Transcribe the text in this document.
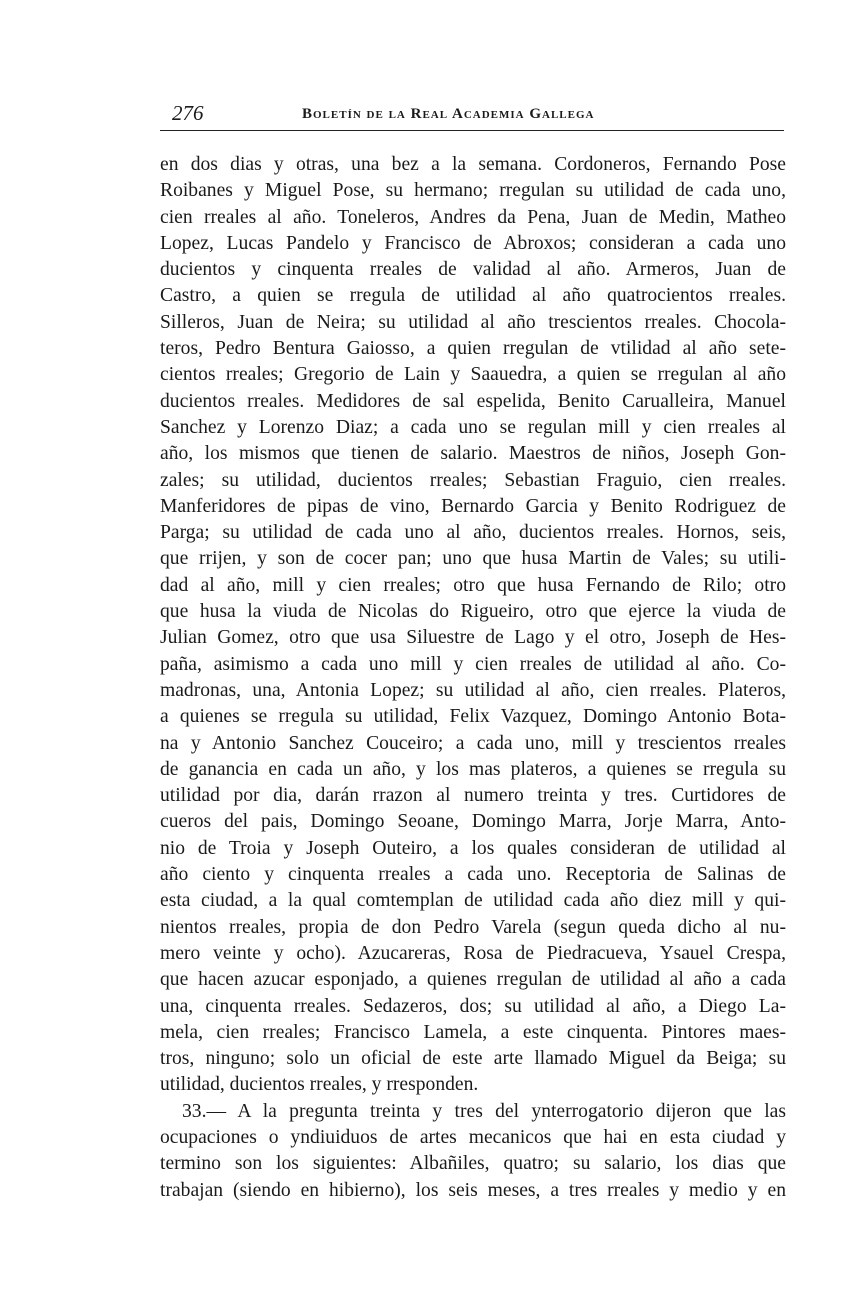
276	Boletín de la Real Academia Gallega
en dos dias y otras, una bez a la semana. Cordoneros, Fernando Pose
Roibanes y Miguel Pose, su hermano; rregulan su utilidad de cada uno,
cien rreales al año. Toneleros, Andres da Pena, Juan de Medin, Matheo
Lopez, Lucas Pandelo y Francisco de Abroxos; consideran a cada uno
ducientos y cinquenta rreales de validad al año. Armeros, Juan de
Castro, a quien se rregula de utilidad al año quatrocientos rreales.
Silleros, Juan de Neira; su utilidad al año trescientos rreales. Chocola-
teros, Pedro Bentura Gaiosso, a quien rregulan de vtilidad al año sete-
cientos rreales; Gregorio de Lain y Saauedra, a quien se rregulan al año
ducientos rreales. Medidores de sal espelida, Benito Carualleira, Manuel
Sanchez y Lorenzo Diaz; a cada uno se regulan mill y cien rreales al
año, los mismos que tienen de salario. Maestros de niños, Joseph Gon-
zales; su utilidad, ducientos rreales; Sebastian Fraguio, cien rreales.
Manferidores de pipas de vino, Bernardo Garcia y Benito Rodriguez de
Parga; su utilidad de cada uno al año, ducientos rreales. Hornos, seis,
que rrijen, y son de cocer pan; uno que husa Martin de Vales; su utili-
dad al año, mill y cien rreales; otro que husa Fernando de Rilo; otro
que husa la viuda de Nicolas do Rigueiro, otro que ejerce la viuda de
Julian Gomez, otro que usa Siluestre de Lago y el otro, Joseph de Hes-
paña, asimismo a cada uno mill y cien rreales de utilidad al año. Co-
madronas, una, Antonia Lopez; su utilidad al año, cien rreales. Plateros,
a quienes se rregula su utilidad, Felix Vazquez, Domingo Antonio Bota-
na y Antonio Sanchez Couceiro; a cada uno, mill y trescientos rreales
de ganancia en cada un año, y los mas plateros, a quienes se rregula su
utilidad por dia, darán rrazon al numero treinta y tres. Curtidores de
cueros del pais, Domingo Seoane, Domingo Marra, Jorje Marra, Anto-
nio de Troia y Joseph Outeiro, a los quales consideran de utilidad al
año ciento y cinquenta rreales a cada uno. Receptoria de Salinas de
esta ciudad, a la qual comtemplan de utilidad cada año diez mill y qui-
nientos rreales, propia de don Pedro Varela (segun queda dicho al nu-
mero veinte y ocho). Azucareras, Rosa de Piedracueva, Ysauel Crespa,
que hacen azucar esponjado, a quienes rregulan de utilidad al año a cada
una, cinquenta rreales. Sedazeros, dos; su utilidad al año, a Diego La-
mela, cien rreales; Francisco Lamela, a este cinquenta. Pintores maes-
tros, ninguno; solo un oficial de este arte llamado Miguel da Beiga; su
utilidad, ducientos rreales, y rresponden.
33.— A la pregunta treinta y tres del ynterrogatorio dijeron que las
ocupaciones o yndiuiduos de artes mecanicos que hai en esta ciudad y
termino son los siguientes: Albañiles, quatro; su salario, los dias que
trabajan (siendo en hibierno), los seis meses, a tres rreales y medio y en
